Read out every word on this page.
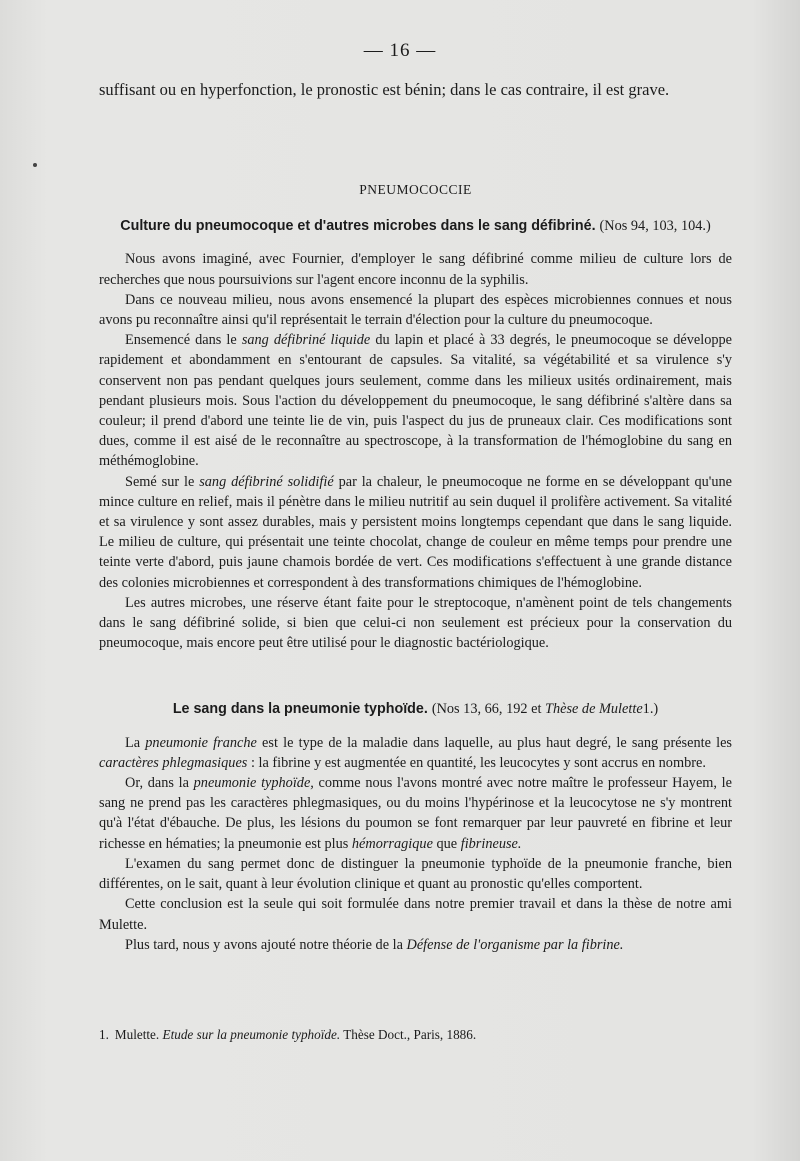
— 16 —

suffisant ou en hyperfonction, le pronostic est bénin; dans le cas contraire, il est grave.

PNEUMOCOCCIE
Culture du pneumocoque et d'autres microbes dans le sang défibriné. (Nos 94, 103, 104.)

Nous avons imaginé, avec Fournier, d'employer le sang défibriné comme milieu de culture lors de recherches que nous poursuivions sur l'agent encore inconnu de la syphilis.

Dans ce nouveau milieu, nous avons ensemencé la plupart des espèces microbiennes connues et nous avons pu reconnaître ainsi qu'il représentait le terrain d'élection pour la culture du pneumocoque.

Ensemencé dans le sang défibriné liquide du lapin et placé à 33 degrés, le pneumocoque se développe rapidement et abondamment en s'entourant de capsules. Sa vitalité, sa végétabilité et sa virulence s'y conservent non pas pendant quelques jours seulement, comme dans les milieux usités ordinairement, mais pendant plusieurs mois. Sous l'action du développement du pneumocoque, le sang défibriné s'altère dans sa couleur; il prend d'abord une teinte lie de vin, puis l'aspect du jus de pruneaux clair. Ces modifications sont dues, comme il est aisé de le reconnaître au spectroscope, à la transformation de l'hémoglobine du sang en méthémoglobine.

Semé sur le sang défibriné solidifié par la chaleur, le pneumocoque ne forme en se développant qu'une mince culture en relief, mais il pénètre dans le milieu nutritif au sein duquel il prolifère activement. Sa vitalité et sa virulence y sont assez durables, mais y persistent moins longtemps cependant que dans le sang liquide. Le milieu de culture, qui présentait une teinte chocolat, change de couleur en même temps pour prendre une teinte verte d'abord, puis jaune chamois bordée de vert. Ces modifications s'effectuent à une grande distance des colonies microbiennes et correspondent à des transformations chimiques de l'hémoglobine.

Les autres microbes, une réserve étant faite pour le streptocoque, n'amènent point de tels changements dans le sang défibriné solide, si bien que celui-ci non seulement est précieux pour la conservation du pneumocoque, mais encore peut être utilisé pour le diagnostic bactériologique.

Le sang dans la pneumonie typhoïde. (Nos 13, 66, 192 et Thèse de Mulette1.)

La pneumonie franche est le type de la maladie dans laquelle, au plus haut degré, le sang présente les caractères phlegmasiques : la fibrine y est augmentée en quantité, les leucocytes y sont accrus en nombre.

Or, dans la pneumonie typhoïde, comme nous l'avons montré avec notre maître le professeur Hayem, le sang ne prend pas les caractères phlegmasiques, ou du moins l'hypérinose et la leucocytose ne s'y montrent qu'à l'état d'ébauche. De plus, les lésions du poumon se font remarquer par leur pauvreté en fibrine et leur richesse en hématies; la pneumonie est plus hémorragique que fibrineuse.

L'examen du sang permet donc de distinguer la pneumonie typhoïde de la pneumonie franche, bien différentes, on le sait, quant à leur évolution clinique et quant au pronostic qu'elles comportent.

Cette conclusion est la seule qui soit formulée dans notre premier travail et dans la thèse de notre ami Mulette.

Plus tard, nous y avons ajouté notre théorie de la Défense de l'organisme par la fibrine.

1. Mulette. Etude sur la pneumonie typhoïde. Thèse Doct., Paris, 1886.
